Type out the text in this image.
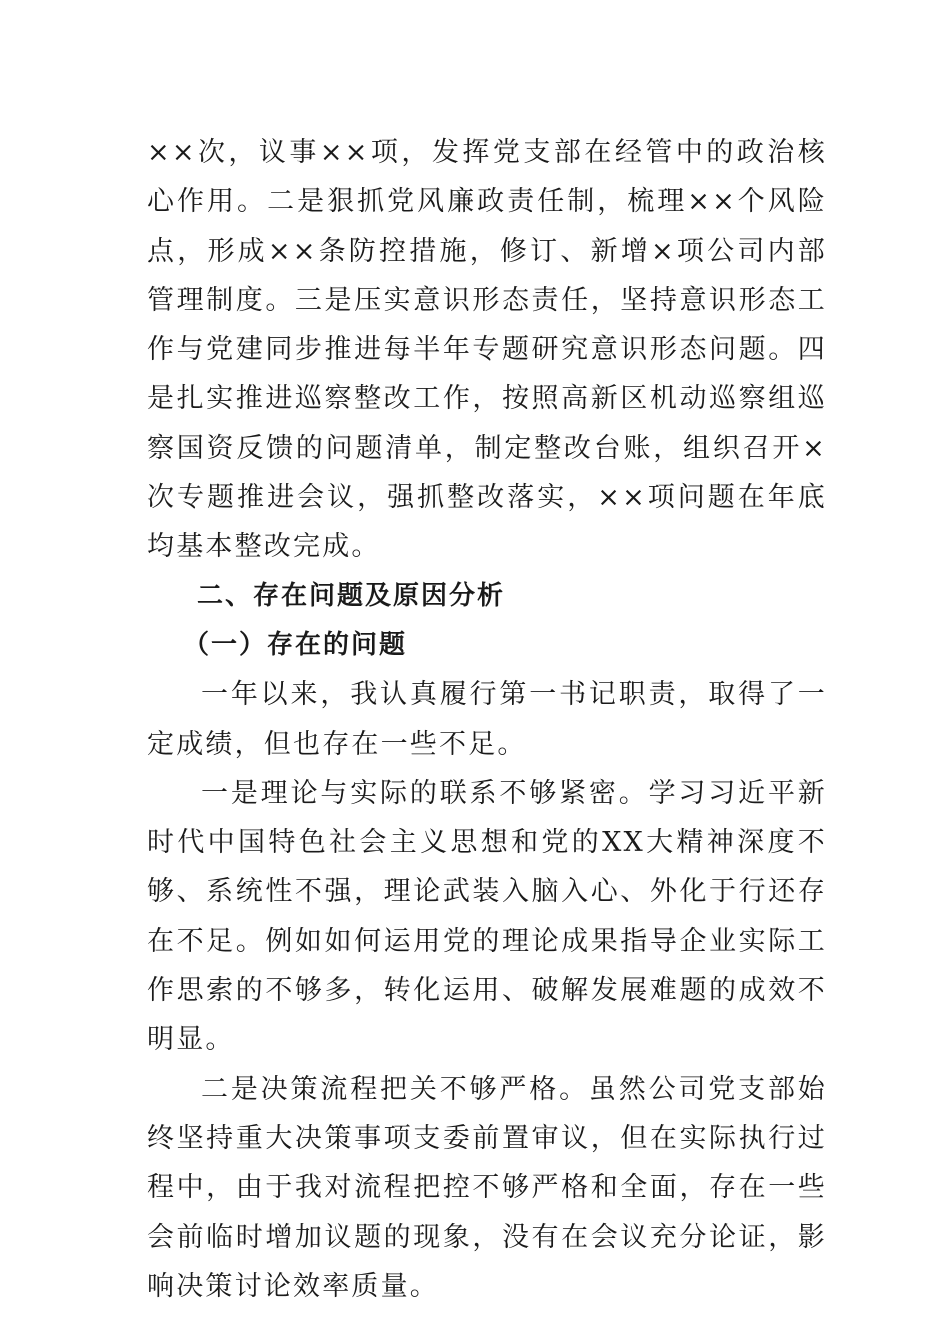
××次，议事××项，发挥党支部在经管中的政治核心作用。二是狠抓党风廉政责任制，梳理××个风险点，形成××条防控措施，修订、新增×项公司内部管理制度。三是压实意识形态责任，坚持意识形态工作与党建同步推进每半年专题研究意识形态问题。四是扎实推进巡察整改工作，按照高新区机动巡察组巡察国资反馈的问题清单，制定整改台账，组织召开×次专题推进会议，强抓整改落实，××项问题在年底均基本整改完成。

二、存在问题及原因分析

（一）存在的问题

一年以来，我认真履行第一书记职责，取得了一定成绩，但也存在一些不足。

一是理论与实际的联系不够紧密。学习习近平新时代中国特色社会主义思想和党的XX大精神深度不够、系统性不强，理论武装入脑入心、外化于行还存在不足。例如如何运用党的理论成果指导企业实际工作思索的不够多，转化运用、破解发展难题的成效不明显。

二是决策流程把关不够严格。虽然公司党支部始终坚持重大决策事项支委前置审议，但在实际执行过程中，由于我对流程把控不够严格和全面，存在一些会前临时增加议题的现象，没有在会议充分论证，影响决策讨论效率质量。
